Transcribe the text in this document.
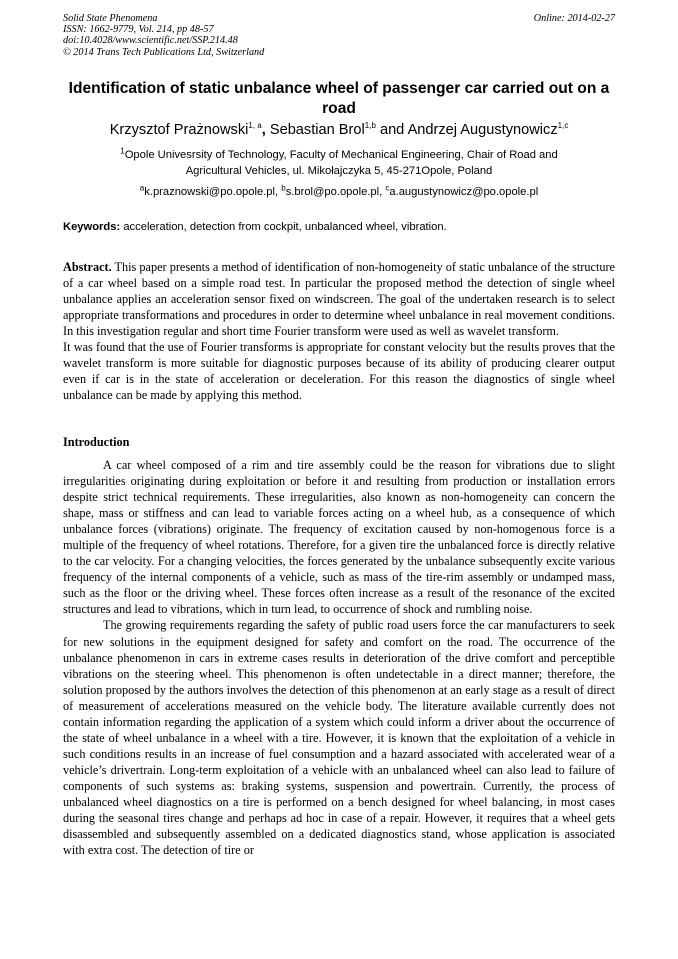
Solid State Phenomena
ISSN: 1662-9779, Vol. 214, pp 48-57
doi:10.4028/www.scientific.net/SSP.214.48
© 2014 Trans Tech Publications Ltd, Switzerland
Online: 2014-02-27
Identification of static unbalance wheel of passenger car carried out on a road
Krzysztof Prażnowski$^{1, a}$, Sebastian Brol$^{1,b}$ and Andrzej Augustynowicz$^{1,c}$
$^1$Opole Univesrsity of Technology, Faculty of Mechanical Engineering, Chair of Road and
Agricultural Vehicles, ul. Mikołajczyka 5, 45-271Opole, Poland
$^a$k.praznowski@po.opole.pl, $^b$s.brol@po.opole.pl, $^c$a.augustynowicz@po.opole.pl
Keywords: acceleration, detection from cockpit, unbalanced wheel, vibration.

Abstract. This paper presents a method of identification of non-homogeneity of static unbalance of the structure of a car wheel based on a simple road test. In particular the proposed method the detection of single wheel unbalance applies an acceleration sensor fixed on windscreen. The goal of the undertaken research is to select appropriate transformations and procedures in order to determine wheel unbalance in real movement conditions. In this investigation regular and short time Fourier transform were used as well as wavelet transform.

It was found that the use of Fourier transforms is appropriate for constant velocity but the results proves that the wavelet transform is more suitable for diagnostic purposes because of its ability of producing clearer output even if car is in the state of acceleration or deceleration. For this reason the diagnostics of single wheel unbalance can be made by applying this method.

Introduction

A car wheel composed of a rim and tire assembly could be the reason for vibrations due to slight irregularities originating during exploitation or before it and resulting from production or installation errors despite strict technical requirements. These irregularities, also known as non-homogeneity can concern the shape, mass or stiffness and can lead to variable forces acting on a wheel hub, as a consequence of which unbalance forces (vibrations) originate. The frequency of excitation caused by non-homogenous force is a multiple of the frequency of wheel rotations. Therefore, for a given tire the unbalanced force is directly relative to the car velocity. For a changing velocities, the forces generated by the unbalance subsequently excite various frequency of the internal components of a vehicle, such as mass of the tire-rim assembly or undamped mass, such as the floor or the driving wheel. These forces often increase as a result of the resonance of the excited structures and lead to vibrations, which in turn lead, to occurrence of shock and rumbling noise.

The growing requirements regarding the safety of public road users force the car manufacturers to seek for new solutions in the equipment designed for safety and comfort on the road. The occurrence of the unbalance phenomenon in cars in extreme cases results in deterioration of the drive comfort and perceptible vibrations on the steering wheel. This phenomenon is often undetectable in a direct manner; therefore, the solution proposed by the authors involves the detection of this phenomenon at an early stage as a result of direct of measurement of accelerations measured on the vehicle body. The literature available currently does not contain information regarding the application of a system which could inform a driver about the occurrence of the state of wheel unbalance in a wheel with a tire. However, it is known that the exploitation of a vehicle in such conditions results in an increase of fuel consumption and a hazard associated with accelerated wear of a vehicle’s drivertrain. Long-term exploitation of a vehicle with an unbalanced wheel can also lead to failure of components of such systems as: braking systems, suspension and powertrain. Currently, the process of unbalanced wheel diagnostics on a tire is performed on a bench designed for wheel balancing, in most cases during the seasonal tires change and perhaps ad hoc in case of a repair. However, it requires that a wheel gets disassembled and subsequently assembled on a dedicated diagnostics stand, whose application is associated with extra cost. The detection of tire or
